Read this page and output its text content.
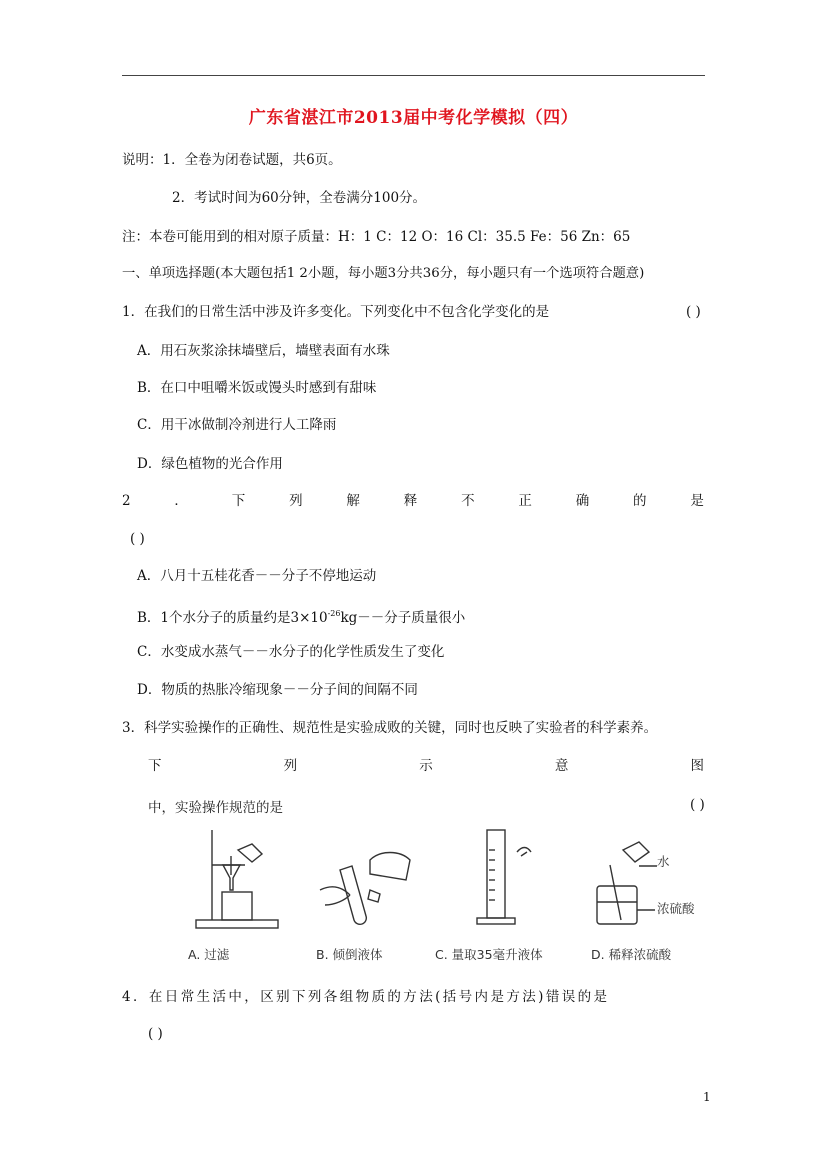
广东省湛江市2013届中考化学模拟（四）
说明：1．全卷为闭卷试题，共6页。
2．考试时间为60分钟，全卷满分100分。
注：本卷可能用到的相对原子质量：H：1 C：12 O：16 Cl：35.5 Fe：56 Zn：65
一、单项选择题(本大题包括1 2小题，每小题3分共36分，每小题只有一个选项符合题意)
1．在我们的日常生活中涉及许多变化。下列变化中不包含化学变化的是	( )
A．用石灰浆涂抹墙壁后，墙壁表面有水珠
B．在口中咀嚼米饭或馒头时感到有甜味
C．用干冰做制冷剂进行人工降雨
D．绿色植物的光合作用
2	．	下	列	解	释	不	正	确	的	是
( )
A．八月十五桂花香－－分子不停地运动
B．1个水分子的质量约是$3\times 10^{-26}kg--$分子质量很小
C．水变成水蒸气－－水分子的化学性质发生了变化
D．物质的热胀冷缩现象－－分子间的间隔不同
3．科学实验操作的正确性、规范性是实验成败的关键，同时也反映了实验者的科学素养。
下	列	示	意	图
中，实验操作规范的是	( )
A. 过滤	B. 倾倒液体	C. 量取35毫升液体
水
浓硫酸
D. 稀释浓硫酸
4．在日常生活中，区别下列各组物质的方法(括号内是方法)错误的是
( )
1
